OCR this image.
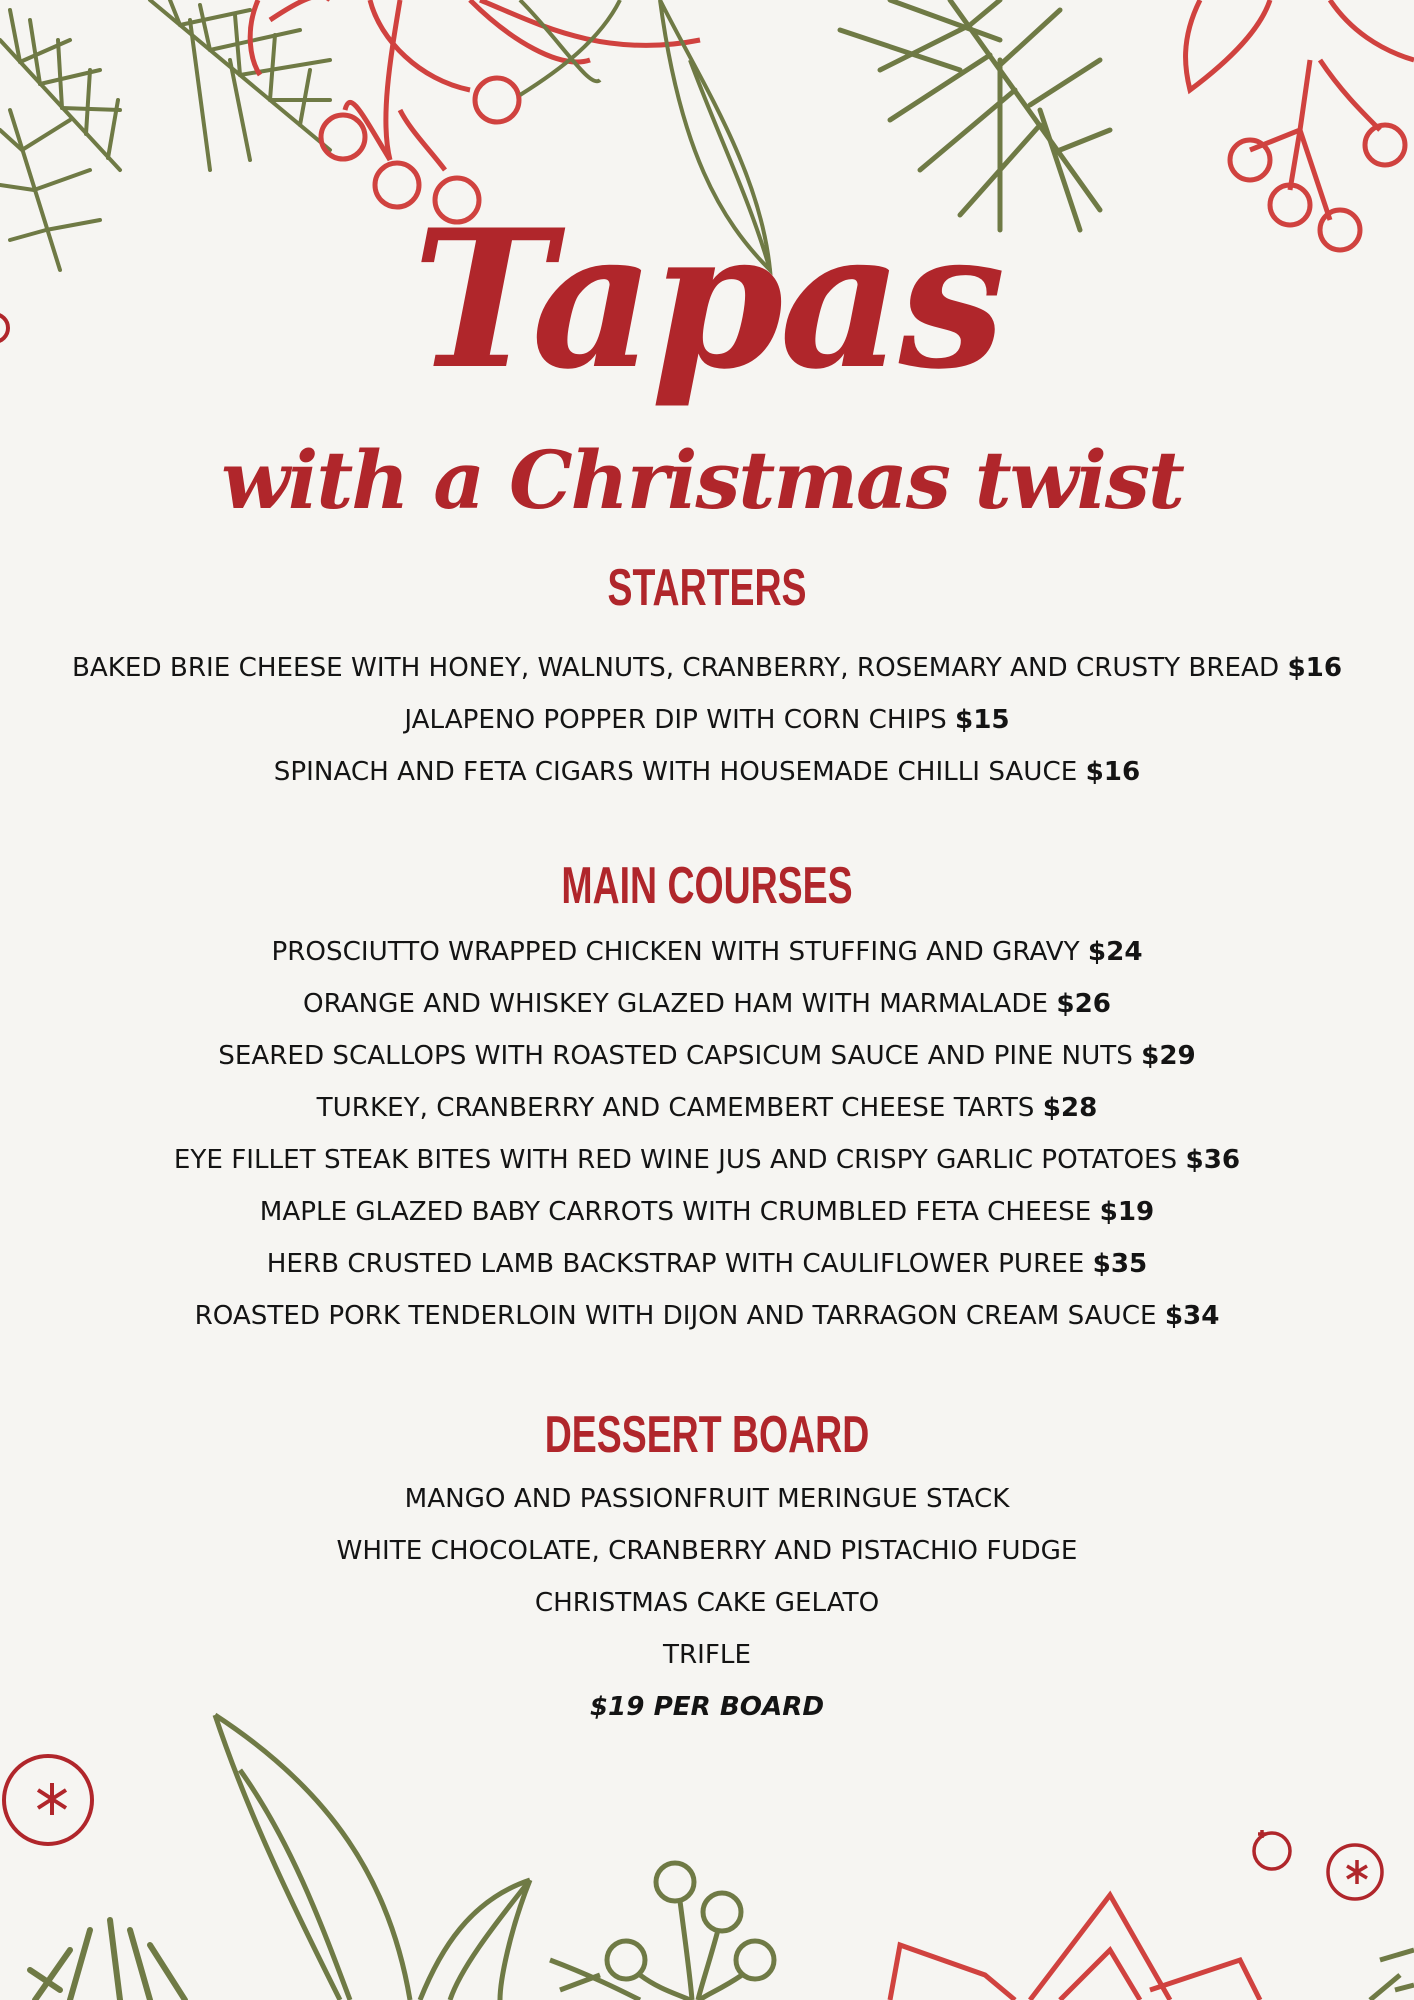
Tapas
with a Christmas twist
STARTERS
BAKED BRIE CHEESE WITH HONEY, WALNUTS, CRANBERRY, ROSEMARY AND CRUSTY BREAD $16
JALAPENO POPPER DIP WITH CORN CHIPS $15
SPINACH AND FETA CIGARS WITH HOUSEMADE CHILLI SAUCE $16
MAIN COURSES
PROSCIUTTO WRAPPED CHICKEN WITH STUFFING AND GRAVY $24
ORANGE AND WHISKEY GLAZED HAM WITH MARMALADE $26
SEARED SCALLOPS WITH ROASTED CAPSICUM SAUCE AND PINE NUTS $29
TURKEY, CRANBERRY AND CAMEMBERT CHEESE TARTS $28
EYE FILLET STEAK BITES WITH RED WINE JUS AND CRISPY GARLIC POTATOES $36
MAPLE GLAZED BABY CARROTS WITH CRUMBLED FETA CHEESE $19
HERB CRUSTED LAMB BACKSTRAP WITH CAULIFLOWER PUREE $35
ROASTED PORK TENDERLOIN WITH DIJON AND TARRAGON CREAM SAUCE $34
DESSERT BOARD
MANGO AND PASSIONFRUIT MERINGUE STACK
WHITE CHOCOLATE, CRANBERRY AND PISTACHIO FUDGE
CHRISTMAS CAKE GELATO
TRIFLE
$19 PER BOARD
